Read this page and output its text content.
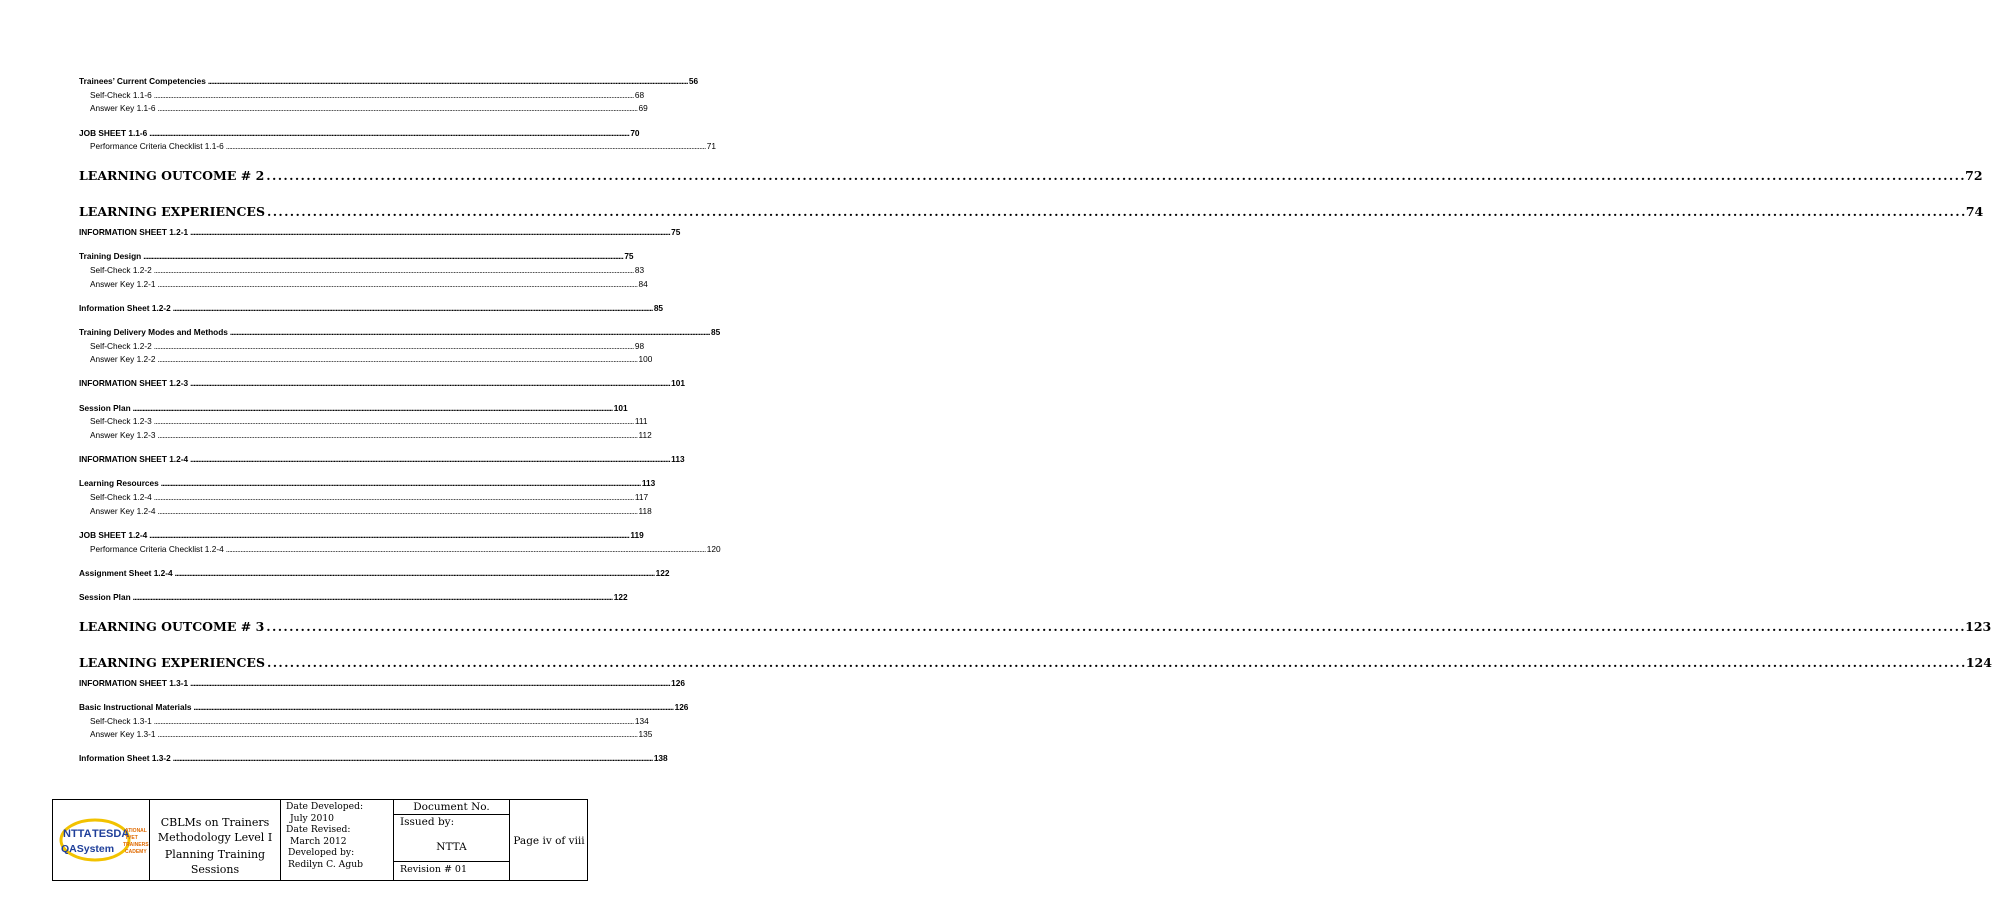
Trainees’ Current Competencies . . .	56
Self-Check 1.1-6 . . .	68
Answer Key 1.1-6 . . .	69
JOB SHEET 1.1-6 . . .	70
Performance Criteria Checklist 1.1-6 . . .	71
LEARNING OUTCOME # 2 . . .	72
LEARNING EXPERIENCES . . .	74
INFORMATION SHEET 1.2-1 . . .	75
Training Design . . .	75
Self-Check 1.2-2 . . .	83
Answer Key 1.2-1 . . .	84
Information Sheet 1.2-2 . . .	85
Training Delivery Modes and Methods . . .	85
Self-Check 1.2-2 . . .	98
Answer Key 1.2-2 . . .	100
INFORMATION SHEET 1.2-3 . . .	101
Session Plan . . .	101
Self-Check 1.2-3 . . .	111
Answer Key 1.2-3 . . .	112
INFORMATION SHEET 1.2-4 . . .	113
Learning Resources . . .	113
Self-Check 1.2-4 . . .	117
Answer Key 1.2-4 . . .	118
JOB SHEET 1.2-4 . . .	119
Performance Criteria Checklist 1.2-4 . . .	120
Assignment Sheet 1.2-4 . . .	122
Session Plan . . .	122
LEARNING OUTCOME # 3 . . .	123
LEARNING EXPERIENCES . . .	124
INFORMATION SHEET 1.3-1 . . .	126
Basic Instructional Materials . . .	126
Self-Check 1.3-1 . . .	134
Answer Key 1.3-1 . . .	135
Information Sheet 1.3-2 . . .	138
NTTA TESDA
QASystem
ATIONAL
TVET
TRAINERS
CADEMY
CBLMs on Trainers
Methodology Level I
Planning Training
Sessions
Date Developed:
July 2010
Date Revised:
March 2012
Developed by:
Redilyn C. Agub
Document No.
Issued by:
NTTA
Revision # 01
Page iv of viii
